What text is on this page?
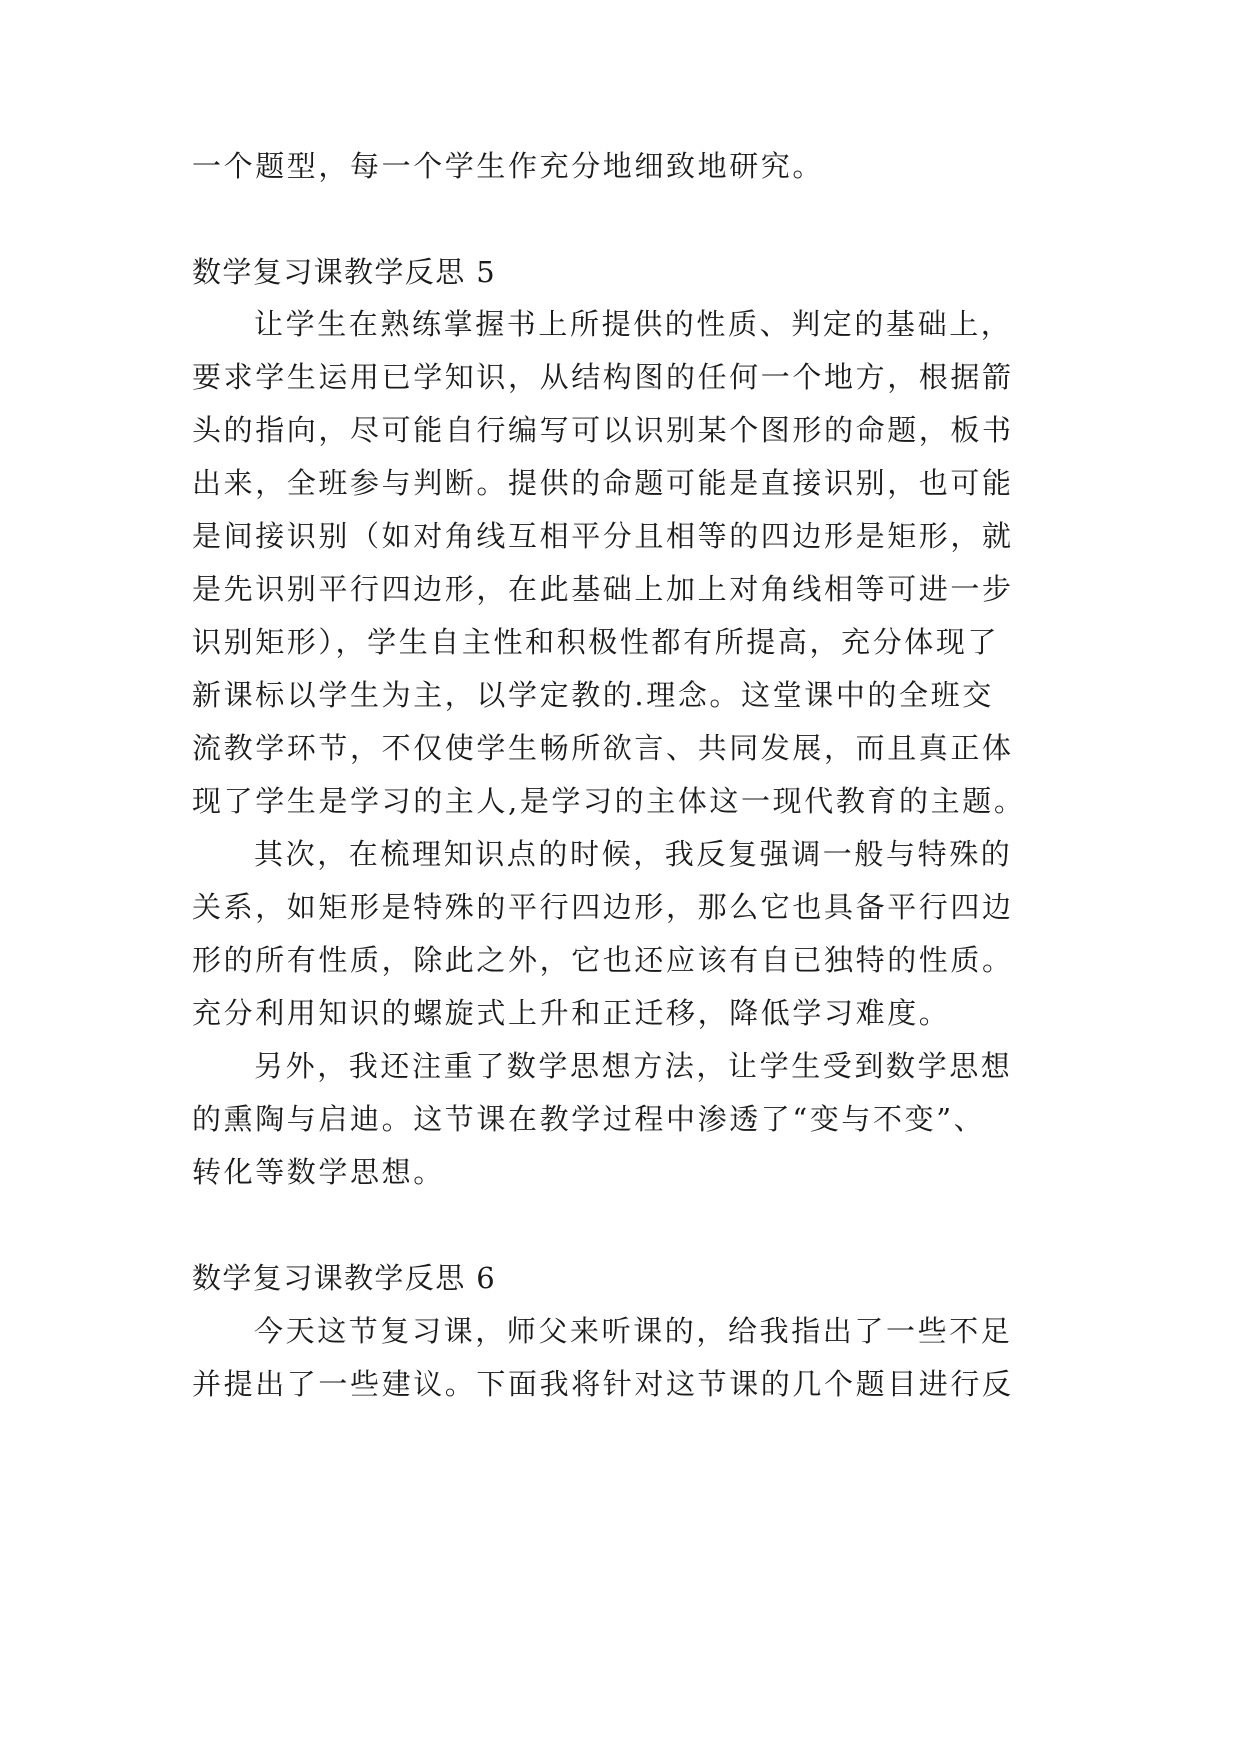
一个题型，每一个学生作充分地细致地研究。
数学复习课教学反思 5
让学生在熟练掌握书上所提供的性质、判定的基础上，
要求学生运用已学知识，从结构图的任何一个地方，根据箭
头的指向，尽可能自行编写可以识别某个图形的命题，板书
出来，全班参与判断。提供的命题可能是直接识别，也可能
是间接识别（如对角线互相平分且相等的四边形是矩形，就
是先识别平行四边形，在此基础上加上对角线相等可进一步
识别矩形），学生自主性和积极性都有所提高，充分体现了
新课标以学生为主，以学定教的.理念。这堂课中的全班交
流教学环节，不仅使学生畅所欲言、共同发展，而且真正体
现了学生是学习的主人,是学习的主体这一现代教育的主题。
其次，在梳理知识点的时候，我反复强调一般与特殊的
关系，如矩形是特殊的平行四边形，那么它也具备平行四边
形的所有性质，除此之外，它也还应该有自已独特的性质。
充分利用知识的螺旋式上升和正迁移，降低学习难度。
另外，我还注重了数学思想方法，让学生受到数学思想
的熏陶与启迪。这节课在教学过程中渗透了“变与不变”、
转化等数学思想。
数学复习课教学反思 6
今天这节复习课，师父来听课的，给我指出了一些不足
并提出了一些建议。下面我将针对这节课的几个题目进行反
